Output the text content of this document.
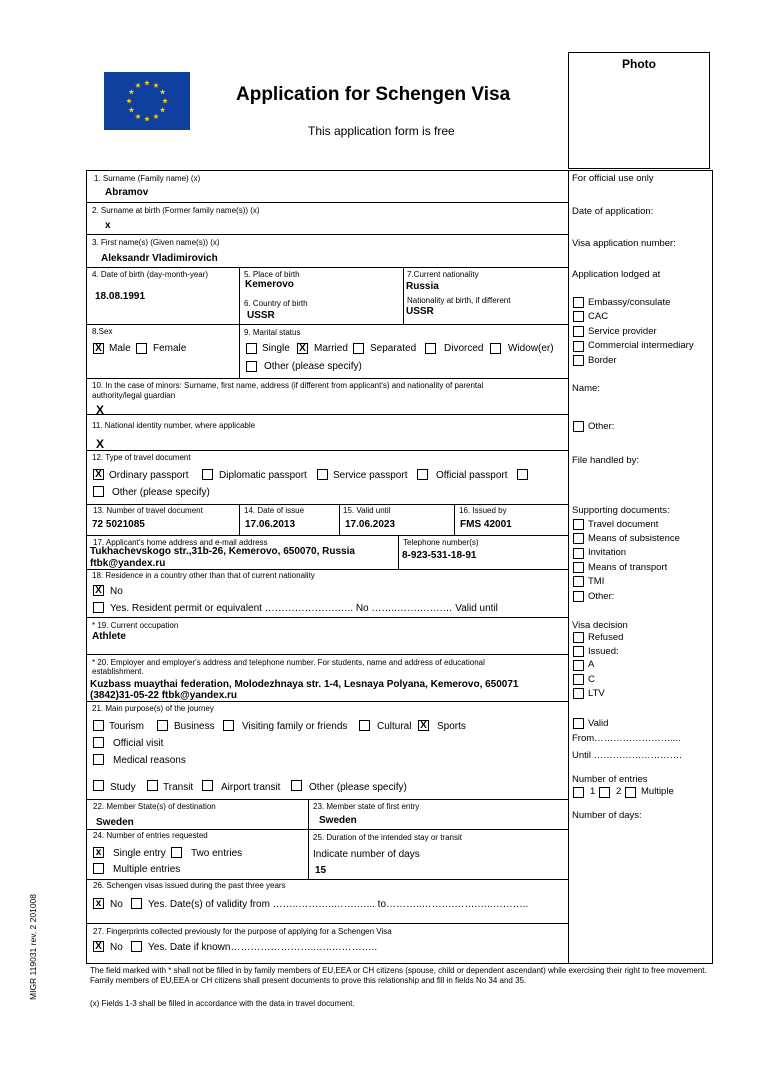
Photo
Application for Schengen Visa
This application form is free
1. Surname (Family name) (x)
Abramov
2. Surname at birth (Former family name(s)) (x)
x
3. First name(s) (Given name(s)) (x)
Aleksandr Vladimirovich
4. Date of birth (day-month-year)
18.08.1991
5. Place of birth
Kemerovo
6. Country of birth
USSR
7.Current nationality
Russia
Nationality at birth, if different
USSR
8.Sex
X Male Female
9. Marital status
Single X Married Separated	Divorced Widow(er)
Other (please specify)
10. In the case of minors: Surname, first name, address (if different from applicant's) and nationality of parental
authority/legal guardian
X
11. National identity number, where applicable
X
12. Type of travel document
X Ordinary passport	Diplomatic passport	Service passport	Official passport
Other (please specify)
13. Number of travel document
72 5021085
14. Date of issue
17.06.2013
15. Valid until
17.06.2023
16. Issued by
FMS 42001
17. Applicant's home address and e-mail address
Tukhachevskogo str.,31b-26, Kemerovo, 650070, Russia
ftbk@yandex.ru
Telephone number(s)
8-923-531-18-91
18. Residence in a country other than that of current nationality
X No
Yes. Resident permit or equivalent ………………….….. No ……..…….…….… Valid until
* 19. Current occupation
Athlete
* 20. Employer and employer's address and telephone number. For students, name and address of educational
establishment.
Kuzbass muaythai federation, Molodezhnaya str. 1-4, Lesnaya Polyana, Kemerovo, 650071
(3842)31-05-22 ftbk@yandex.ru
21. Main purpose(s) of the journey
Tourism	Business	Visiting family or friends	Cultural X Sports
Official visit
Medical reasons
Study	Transit	Airport transit	Other (please specify)
22. Member State(s) of destination
Sweden
23. Member state of first entry
Sweden
24. Number of entries requested
x Single entry	Two entries
Multiple entries
25. Duration of the intended stay or transit
Indicate number of days
15
26. Schengen visas issued during the past three years
x No	Yes. Date(s) of validity from ……..………..…….…... to………..……….…….…..………..
27. Fingerprints collected previously for the purpose of applying for a Schengen Visa
X No	Yes. Date if known……………………..…..…………..
For official use only
Date of application:
Visa application number:
Application lodged at
Embassy/consulate
CAC
Service provider
Commercial intermediary
Border
Name:
Other:
File handled by:
Supporting documents:
Travel document
Means of subsistence
Invitation
Means of transport
TMI
Other:
Visa decision
Refused
Issued:
A
C
LTV
Valid
From……………………....
Until ……………………….
Number of entries
1 2 Multiple
Number of days:
The field marked with * shall not be filled in by family members of EU,EEA or CH citizens (spouse, child or dependent ascendant) while exercising their right to free movement. Family members of EU,EEA or CH citizens shall present documents to prove this relationship and fill in fields No 34 and 35.
(x) Fields 1-3 shall be filled in accordance with the data in travel document.
MIGR 119031 rev. 2 201008
